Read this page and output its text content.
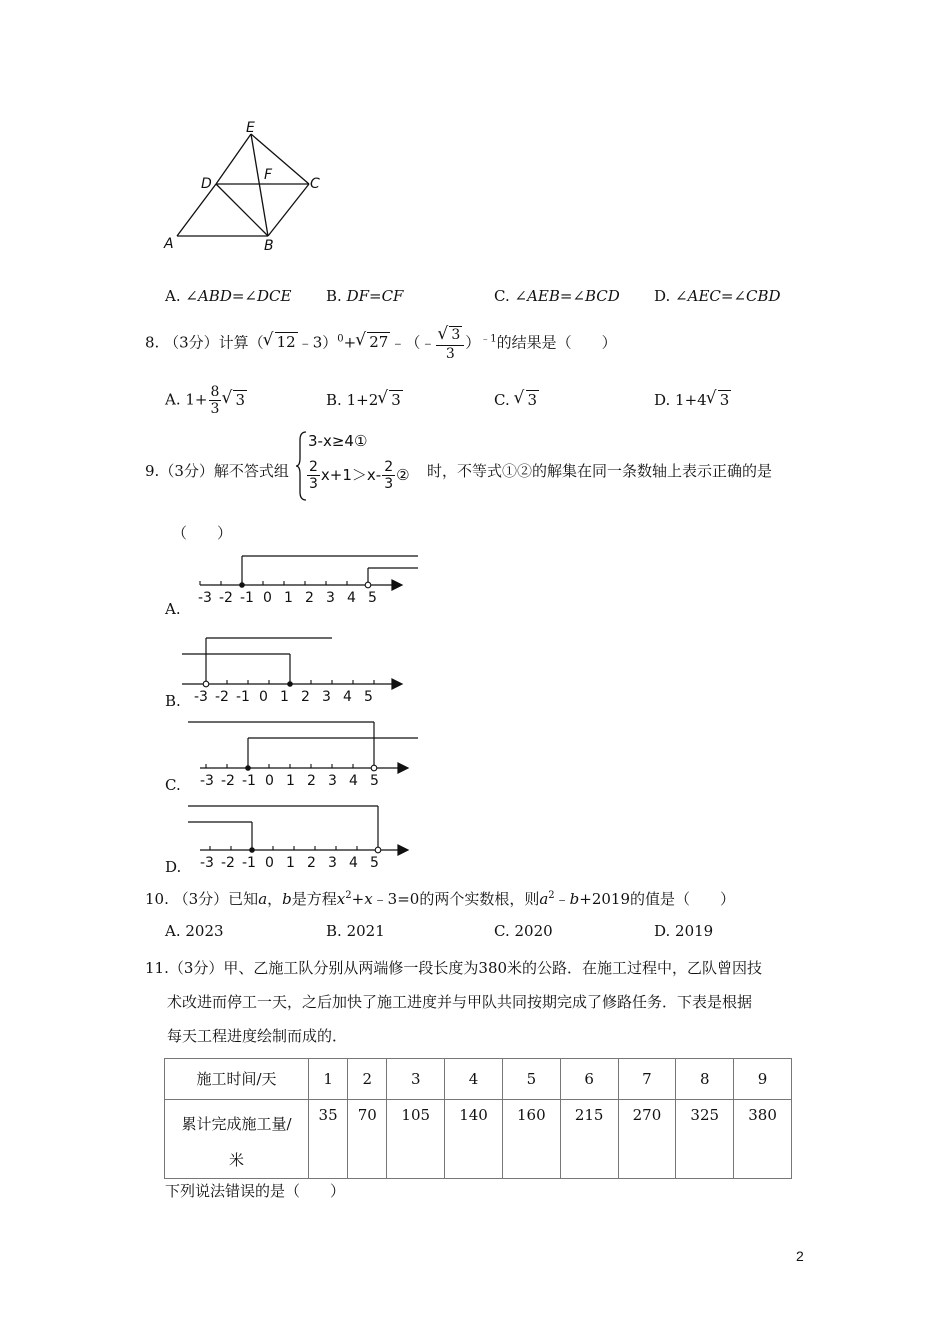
E
D
F
C
A	B
A. ∠ABD=∠DCE B. DF=CF	C. ∠AEB=∠BCD D. ∠AEC=∠CBD
8. （3分）计算（ √ 12 ﹣3）$^0$+ √ 27 ﹣（﹣ √ $\frac{3}{3} )^{﹣1}$的结果是（　　）
A. $1+ \frac{8}{3}$ √ 3	B. 1+2 √ 3	C. √ 3	D. 1+4 √ 3
9.（3分）解不答式组
3-x≥4①
$\frac{2}{3} x+1>x- \frac{2}{3}$ ② 时，不等式①②的解集在同一条数轴上表示正确的是
（　　）
A.
-3 -2 -1 0 1 2 3 4 5
B. -3 -2 -1 0 1 2 3 4 5
C. -3 -2 -1 0 1 2 3 4 5
D. -3 -2 -1 0 1 2 3 4 5
10. （3分）已知a，b是方程$x^2+x﹣3=0$的两个实数根，则$a^2﹣b+2019$的值是（　　）
A. 2023	B. 2021	C. 2020	D. 2019
11.（3分）甲、乙施工队分别从两端修一段长度为380米的公路．在施工过程中，乙队曾因技
术改进而停工一天，之后加快了施工进度并与甲队共同按期完成了修路任务．下表是根据
每天工程进度绘制而成的．
施工时间/天	1	2	3	4	5	6	7	8	9

累计完成施工量/
米	35	70	105	140	160	215	270	325	380
下列说法错误的是（　　）
2
